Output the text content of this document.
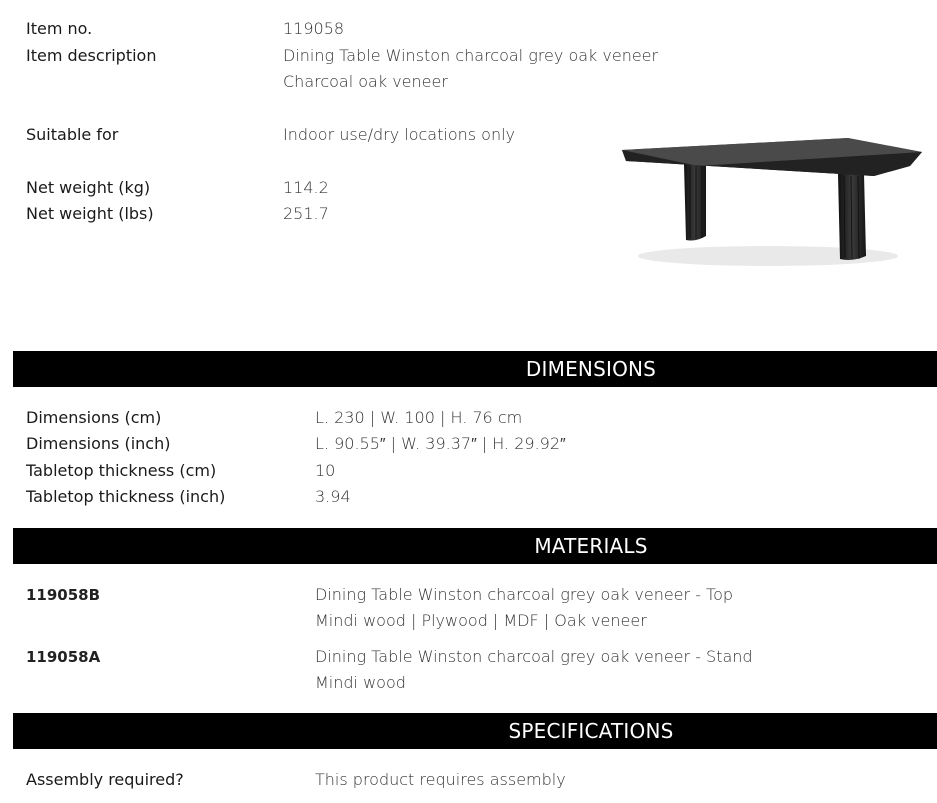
Item no.	119058
Item description	Dining Table Winston charcoal grey oak veneer
Charcoal oak veneer
Suitable for	Indoor use/dry locations only
Net weight (kg)	114.2
Net weight (lbs)	251.7
DIMENSIONS
Dimensions (cm)	L. 230 | W. 100 | H. 76 cm
Dimensions (inch)	L. 90.55″ | W. 39.37″ | H. 29.92″
Tabletop thickness (cm)	10
Tabletop thickness (inch)	3.94
MATERIALS
119058B	Dining Table Winston charcoal grey oak veneer - Top
Mindi wood | Plywood | MDF | Oak veneer
119058A	Dining Table Winston charcoal grey oak veneer - Stand
Mindi wood
SPECIFICATIONS
Assembly required?	This product requires assembly
